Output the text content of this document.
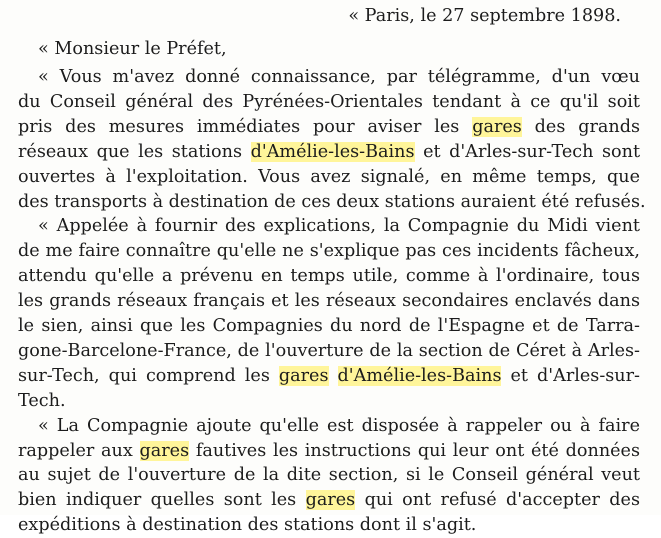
« Paris, le 27 septembre 1898.
« Monsieur le Préfet,
« Vous m'avez donné connaissance, par télégramme, d'un vœu
du Conseil général des Pyrénées-Orientales tendant à ce qu'il soit
pris des mesures immédiates pour aviser les gares des grands
réseaux que les stations d'Amélie-les-Bains et d'Arles-sur-Tech sont
ouvertes à l'exploitation. Vous avez signalé, en même temps, que
des transports à destination de ces deux stations auraient été refusés.
« Appelée à fournir des explications, la Compagnie du Midi vient
de me faire connaître qu'elle ne s'explique pas ces incidents fâcheux,
attendu qu'elle a prévenu en temps utile, comme à l'ordinaire, tous
les grands réseaux français et les réseaux secondaires enclavés dans
le sien, ainsi que les Compagnies du nord de l'Espagne et de Tarra-
gone-Barcelone-France, de l'ouverture de la section de Céret à Arles-
sur-Tech, qui comprend les gares d'Amélie-les-Bains et d'Arles-sur-
Tech.
« La Compagnie ajoute qu'elle est disposée à rappeler ou à faire
rappeler aux gares fautives les instructions qui leur ont été données
au sujet de l'ouverture de la dite section, si le Conseil général veut
bien indiquer quelles sont les gares qui ont refusé d'accepter des
expéditions à destination des stations dont il s'agit.
